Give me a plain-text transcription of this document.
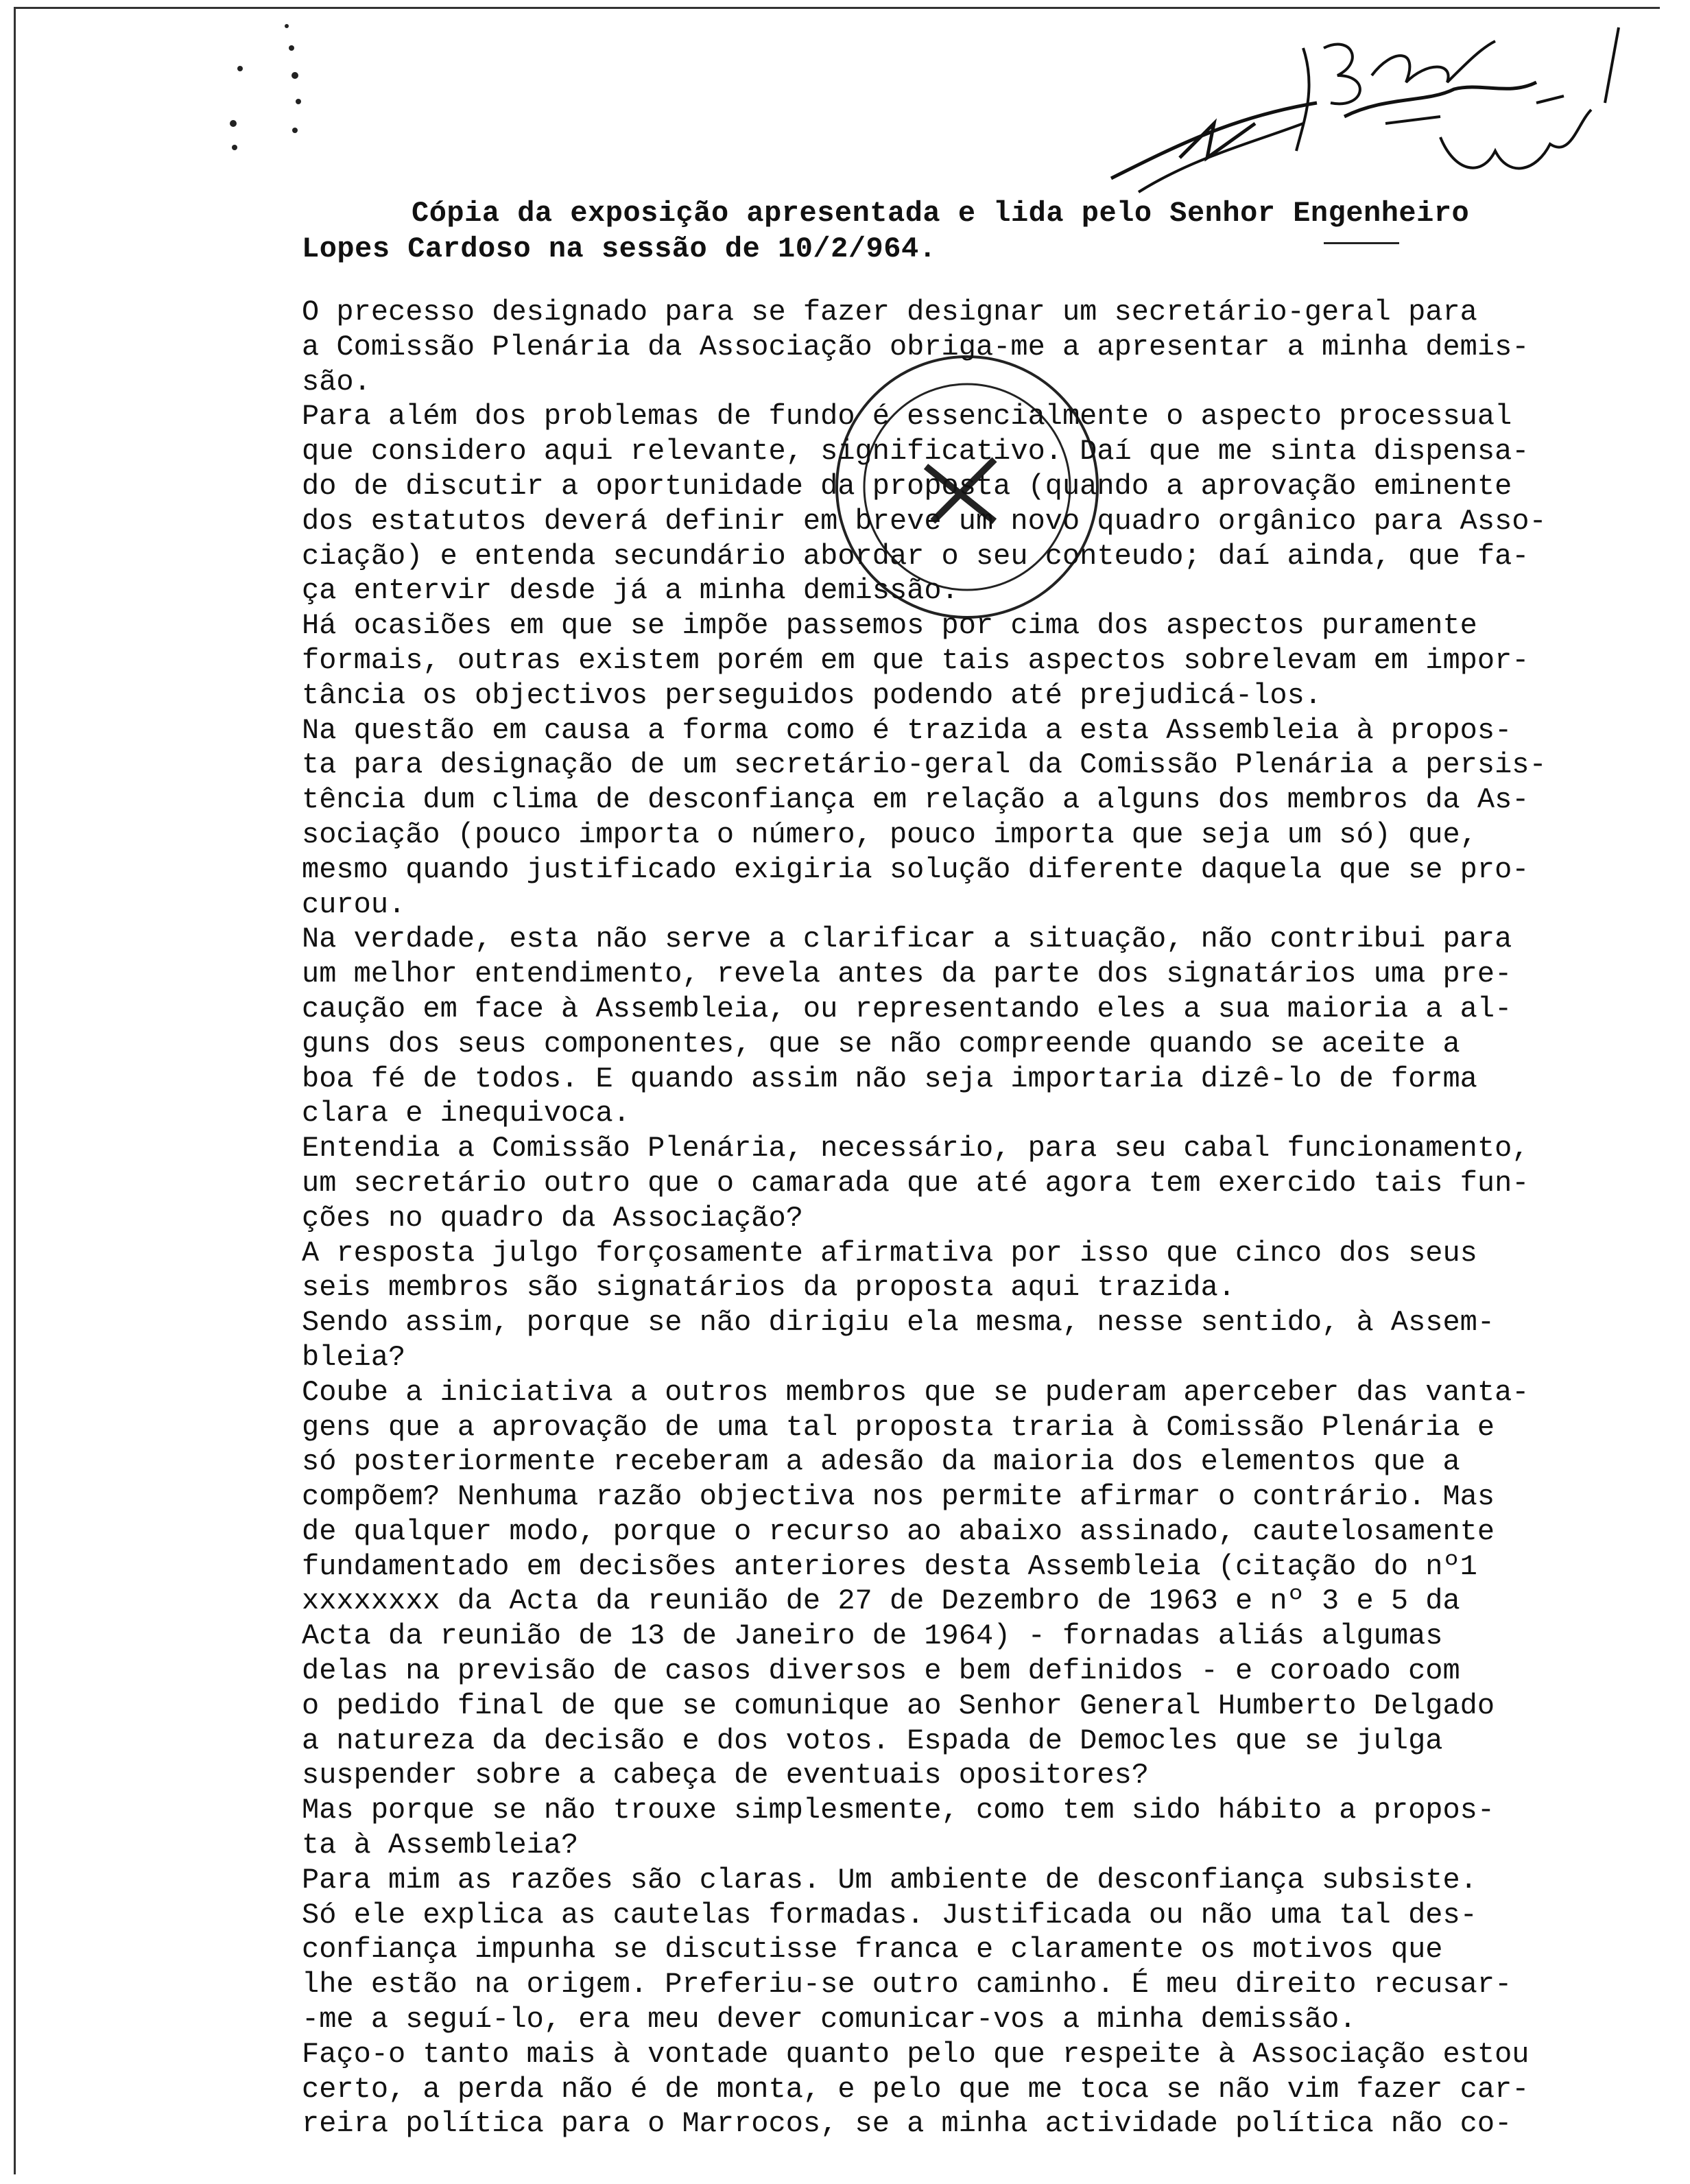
Cópia da exposição apresentada e lida pelo Senhor Engenheiro
Lopes Cardoso na sessão de 10/2/964.
O precesso designado para se fazer designar um secretário-geral para
a Comissão Plenária da Associação obriga-me a apresentar a minha demis-
são.
Para além dos problemas de fundo é essencialmente o aspecto processual
que considero aqui relevante, significativo. Daí que me sinta dispensa-
do de discutir a oportunidade da proposta (quando a aprovação eminente
dos estatutos deverá definir em breve um novo quadro orgânico para Asso-
ciação) e entenda secundário abordar o seu conteudo; daí ainda, que fa-
ça entervir desde já a minha demissão.
Há ocasiões em que se impõe passemos por cima dos aspectos puramente
formais, outras existem porém em que tais aspectos sobrelevam em impor-
tância os objectivos perseguidos podendo até prejudicá-los.
Na questão em causa a forma como é trazida a esta Assembleia à propos-
ta para designação de um secretário-geral da Comissão Plenária a persis-
tência dum clima de desconfiança em relação a alguns dos membros da As-
sociação (pouco importa o número, pouco importa que seja um só) que,
mesmo quando justificado exigiria solução diferente daquela que se pro-
curou.
Na verdade, esta não serve a clarificar a situação, não contribui para
um melhor entendimento, revela antes da parte dos signatários uma pre-
caução em face à Assembleia, ou representando eles a sua maioria a al-
guns dos seus componentes, que se não compreende quando se aceite a
boa fé de todos. E quando assim não seja importaria dizê-lo de forma
clara e inequivoca.
Entendia a Comissão Plenária, necessário, para seu cabal funcionamento,
um secretário outro que o camarada que até agora tem exercido tais fun-
ções no quadro da Associação?
A resposta julgo forçosamente afirmativa por isso que cinco dos seus
seis membros são signatários da proposta aqui trazida.
Sendo assim, porque se não dirigiu ela mesma, nesse sentido, à Assem-
bleia?
Coube a iniciativa a outros membros que se puderam aperceber das vanta-
gens que a aprovação de uma tal proposta traria à Comissão Plenária e
só posteriormente receberam a adesão da maioria dos elementos que a
compõem? Nenhuma razão objectiva nos permite afirmar o contrário. Mas
de qualquer modo, porque o recurso ao abaixo assinado, cautelosamente
fundamentado em decisões anteriores desta Assembleia (citação do nº1
xxxxxxxx da Acta da reunião de 27 de Dezembro de 1963 e nº 3 e 5 da
Acta da reunião de 13 de Janeiro de 1964) - fornadas aliás algumas
delas na previsão de casos diversos e bem definidos - e coroado com
o pedido final de que se comunique ao Senhor General Humberto Delgado
a natureza da decisão e dos votos. Espada de Democles que se julga
suspender sobre a cabeça de eventuais opositores?
Mas porque se não trouxe simplesmente, como tem sido hábito a propos-
ta à Assembleia?
Para mim as razões são claras. Um ambiente de desconfiança subsiste.
Só ele explica as cautelas formadas. Justificada ou não uma tal des-
confiança impunha se discutisse franca e claramente os motivos que
lhe estão na origem. Preferiu-se outro caminho. É meu direito recusar-
-me a seguí-lo, era meu dever comunicar-vos a minha demissão.
Faço-o tanto mais à vontade quanto pelo que respeite à Associação estou
certo, a perda não é de monta, e pelo que me toca se não vim fazer car-
reira política para o Marrocos, se a minha actividade política não co-
